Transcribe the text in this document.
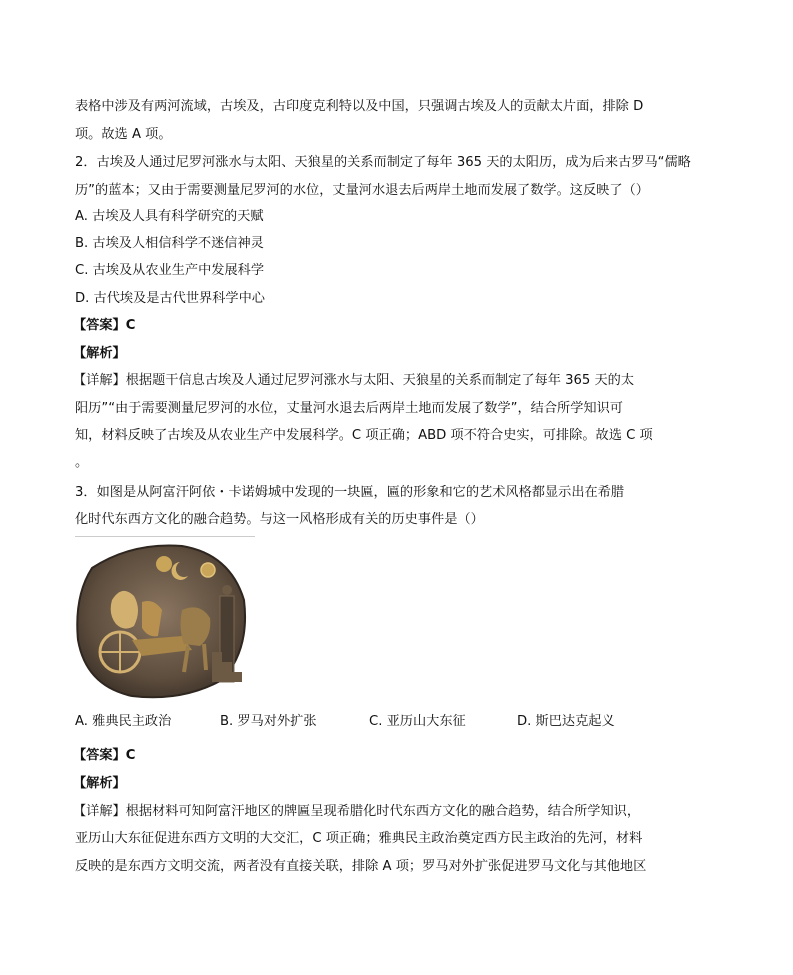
表格中涉及有两河流域，古埃及，古印度克利特以及中国，只强调古埃及人的贡献太片面，排除 D
项。故选 A 项。
2．古埃及人通过尼罗河涨水与太阳、天狼星的关系而制定了每年 365 天的太阳历，成为后来古罗马“儒略
历”的蓝本；又由于需要测量尼罗河的水位，丈量河水退去后两岸土地而发展了数学。这反映了（）
A. 古埃及人具有科学研究的天赋
B. 古埃及人相信科学不迷信神灵
C. 古埃及从农业生产中发展科学
D. 古代埃及是古代世界科学中心
【答案】C
【解析】
【详解】根据题干信息古埃及人通过尼罗河涨水与太阳、天狼星的关系而制定了每年 365 天的太
阳历”“由于需要测量尼罗河的水位，丈量河水退去后两岸土地而发展了数学”，结合所学知识可
知，材料反映了古埃及从农业生产中发展科学。C 项正确；ABD 项不符合史实，可排除。故选 C 项
。
3．如图是从阿富汗阿依・卡诺姆城中发现的一块匾，匾的形象和它的艺术风格都显示出在希腊
化时代东西方文化的融合趋势。与这一风格形成有关的历史事件是（）
A. 雅典民主政治	B. 罗马对外扩张	C. 亚历山大东征	D. 斯巴达克起义
【答案】C
【解析】
【详解】根据材料可知阿富汗地区的牌匾呈现希腊化时代东西方文化的融合趋势，结合所学知识，
亚历山大东征促进东西方文明的大交汇，C 项正确；雅典民主政治奠定西方民主政治的先河，材料
反映的是东西方文明交流，两者没有直接关联，排除 A 项；罗马对外扩张促进罗马文化与其他地区
